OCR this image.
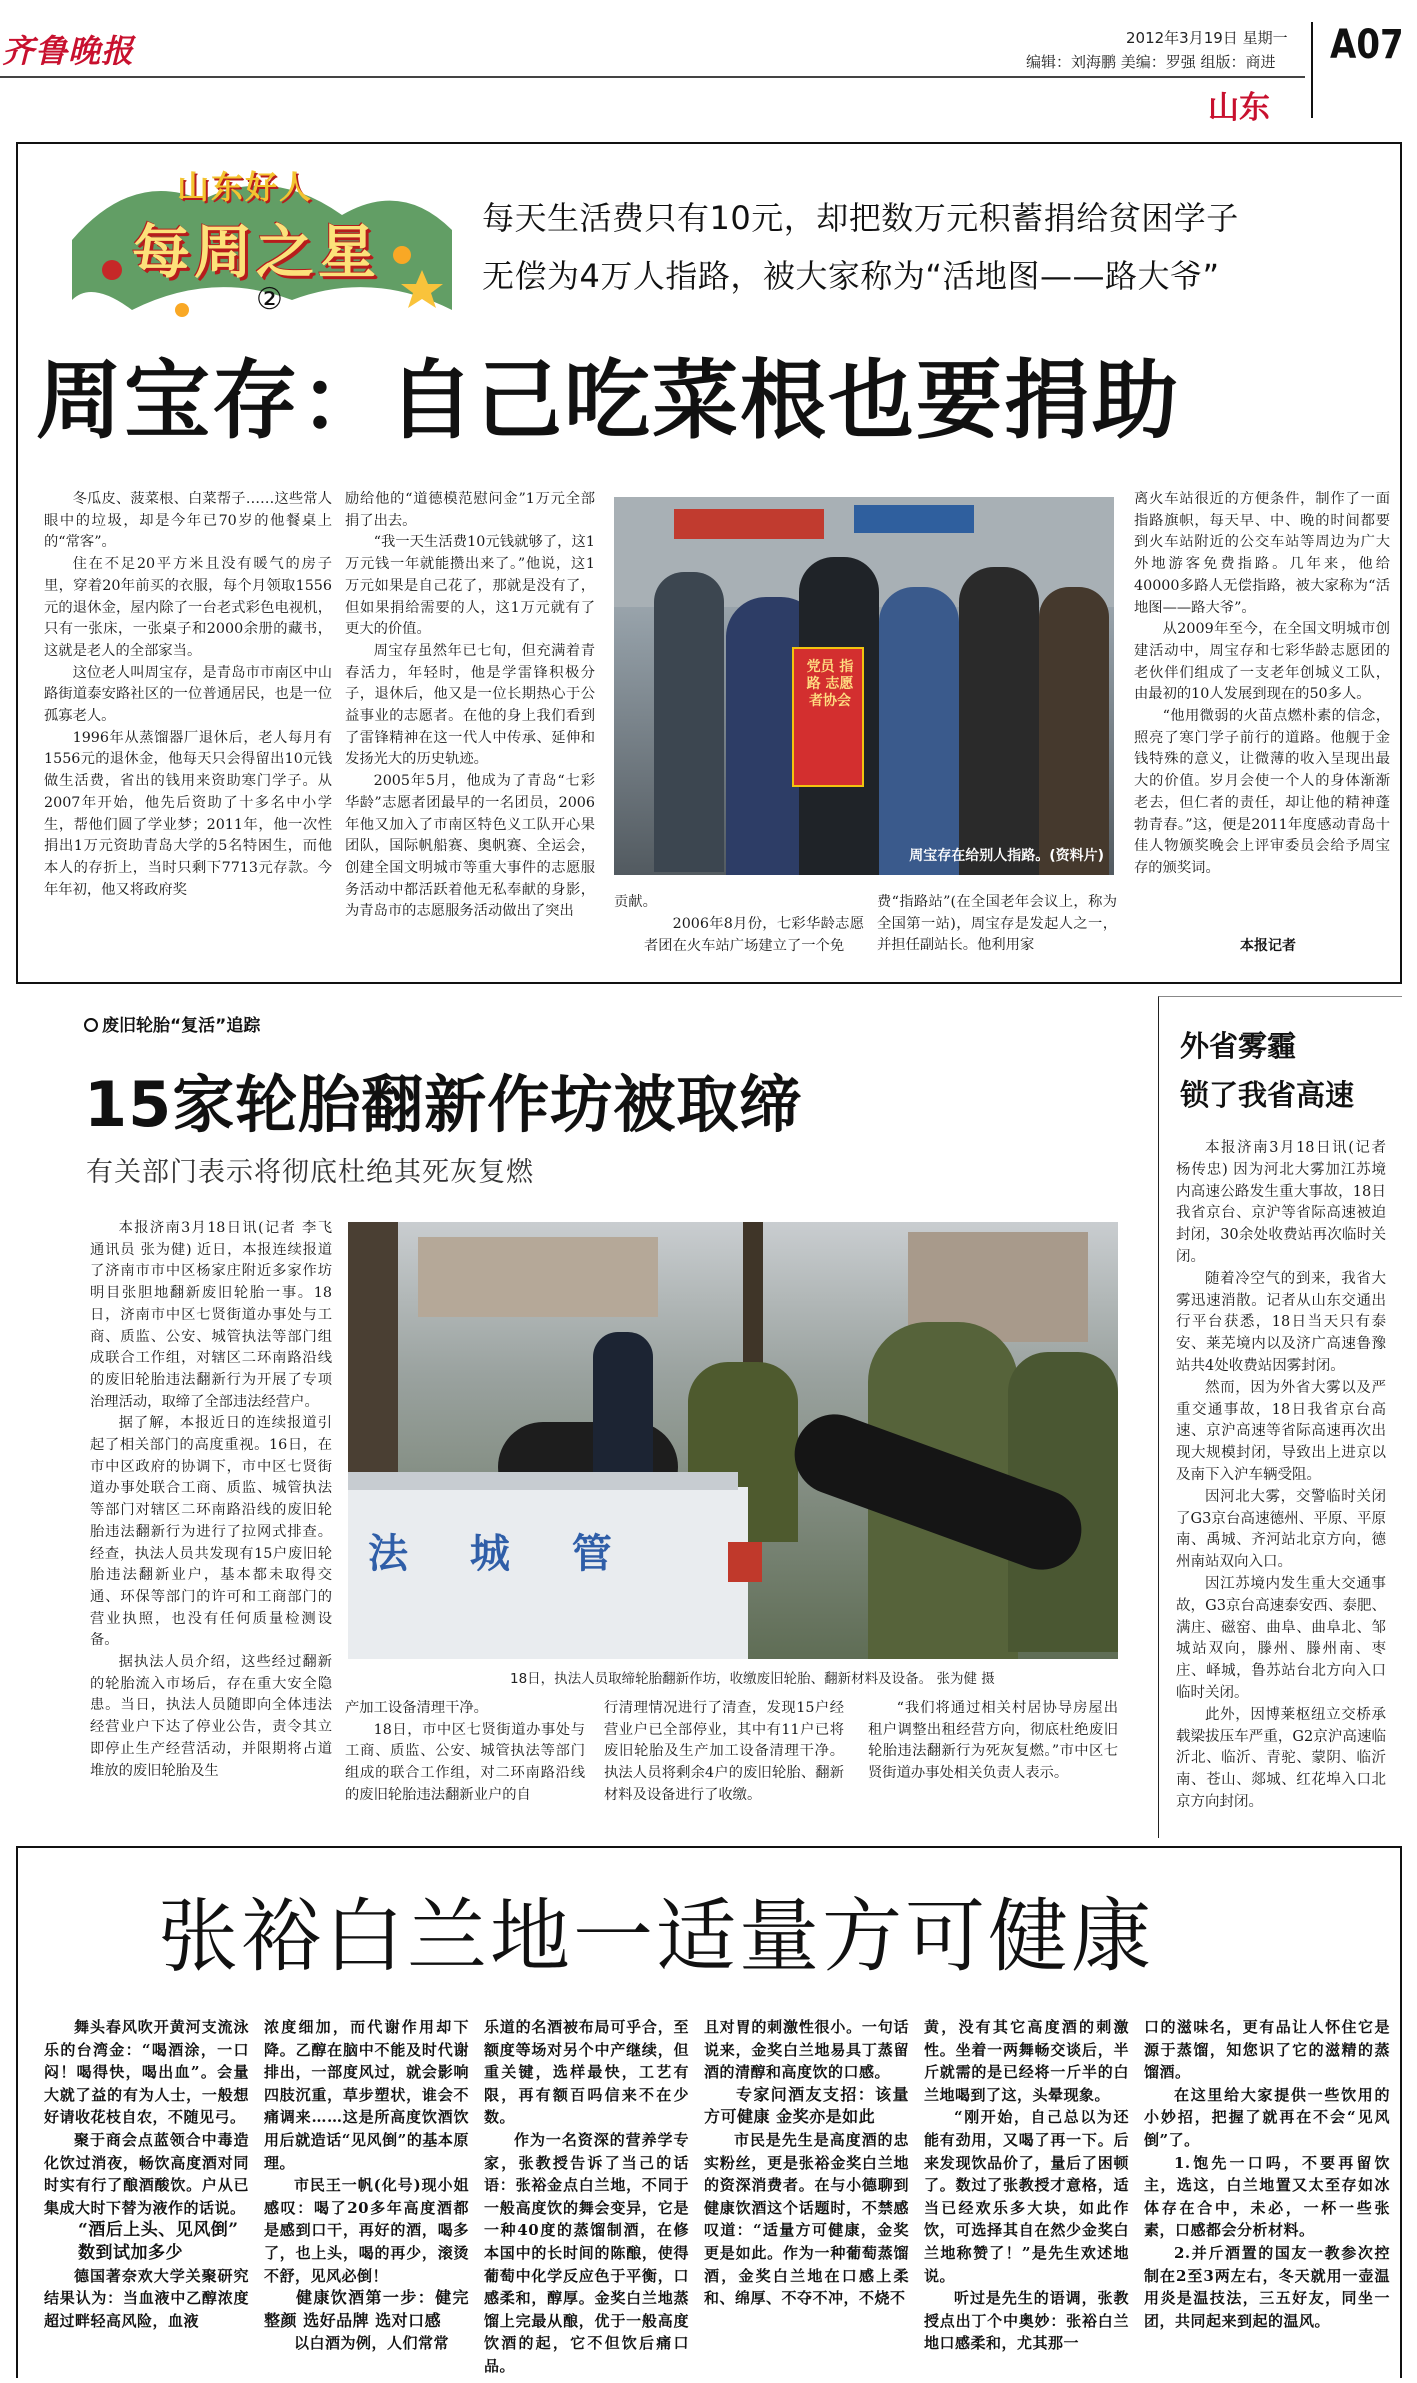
齐鲁晚报	2012年3月19日 星期一
编辑：刘海鹏 美编：罗强 组版：商进 A07
山东
山东好人
每周之星
②
每天生活费只有10元，却把数万元积蓄捐给贫困学子
无偿为4万人指路，被大家称为“活地图——路大爷”
周宝存：自己吃菜根也要捐助

冬瓜皮、菠菜根、白菜帮子……这些常人眼中的垃圾，却是今年已70岁的他餐桌上的“常客”。

住在不足20平方米且没有暖气的房子里，穿着20年前买的衣服，每个月领取1556元的退休金，屋内除了一台老式彩色电视机，只有一张床，一张桌子和2000余册的藏书，这就是老人的全部家当。

这位老人叫周宝存，是青岛市市南区中山路街道泰安路社区的一位普通居民，也是一位孤寡老人。

1996年从蒸馏器厂退休后，老人每月有1556元的退休金，他每天只会得留出10元钱做生活费，省出的钱用来资助寒门学子。从2007年开始，他先后资助了十多名中小学生，帮他们圆了学业梦；2011年，他一次性捐出1万元资助青岛大学的5名特困生，而他本人的存折上，当时只剩下7713元存款。今年年初，他又将政府奖

励给他的“道德模范慰问金”1万元全部捐了出去。

“我一天生活费10元钱就够了，这1万元钱一年就能攒出来了。”他说，这1万元如果是自己花了，那就是没有了，但如果捐给需要的人，这1万元就有了更大的价值。

周宝存虽然年已七旬，但充满着青春活力，年轻时，他是学雷锋积极分子，退休后，他又是一位长期热心于公益事业的志愿者。在他的身上我们看到了雷锋精神在这一代人中传承、延伸和发扬光大的历史轨迹。

2005年5月，他成为了青岛“七彩华龄”志愿者团最早的一名团员，2006年他又加入了市南区特色义工队开心果团队，国际帆船赛、奥帆赛、全运会，创建全国文明城市等重大事件的志愿服务活动中都活跃着他无私奉献的身影，为青岛市的志愿服务活动做出了突出

党员 指路 志愿者协会
周宝存在给别人指路。(资料片)

贡献。

2006年8月份，七彩华龄志愿者团在火车站广场建立了一个免

费“指路站”(在全国老年会议上，称为全国第一站)，周宝存是发起人之一，并担任副站长。他利用家

离火车站很近的方便条件，制作了一面指路旗帜，每天早、中、晚的时间都要到火车站附近的公交车站等周边为广大外地游客免费指路。几年来，他给40000多路人无偿指路，被大家称为“活地图——路大爷”。

从2009年至今，在全国文明城市创建活动中，周宝存和七彩华龄志愿团的老伙伴们组成了一支老年创城义工队，由最初的10人发展到现在的50多人。

“他用微弱的火苗点燃朴素的信念，照亮了寒门学子前行的道路。他舰于金钱特殊的意义，让微薄的收入呈现出最大的价值。岁月会使一个人的身体渐渐老去，但仁者的责任，却让他的精神蓬勃青春。”这，便是2011年度感动青岛十佳人物颁奖晚会上评审委员会给予周宝存的颁奖词。

本报记者
废旧轮胎“复活”追踪
15家轮胎翻新作坊被取缔
有关部门表示将彻底杜绝其死灰复燃

本报济南3月18日讯(记者 李飞 通讯员 张为健) 近日，本报连续报道了济南市市中区杨家庄附近多家作坊明目张胆地翻新废旧轮胎一事。18日，济南市中区七贤街道办事处与工商、质监、公安、城管执法等部门组成联合工作组，对辖区二环南路沿线的废旧轮胎违法翻新行为开展了专项治理活动，取缔了全部违法经营户。

据了解，本报近日的连续报道引起了相关部门的高度重视。16日，在市中区政府的协调下，市中区七贤街道办事处联合工商、质监、城管执法等部门对辖区二环南路沿线的废旧轮胎违法翻新行为进行了拉网式排查。经查，执法人员共发现有15户废旧轮胎违法翻新业户，基本都未取得交通、环保等部门的许可和工商部门的营业执照，也没有任何质量检测设备。

据执法人员介绍，这些经过翻新的轮胎流入市场后，存在重大安全隐患。当日，执法人员随即向全体违法经营业户下达了停业公告，责令其立即停止生产经营活动，并限期将占道堆放的废旧轮胎及生

法 城 管
18日，执法人员取缔轮胎翻新作坊，收缴废旧轮胎、翻新材料及设备。 张为健 摄

产加工设备清理干净。

18日，市中区七贤街道办事处与工商、质监、公安、城管执法等部门组成的联合工作组，对二环南路沿线的废旧轮胎违法翻新业户的自

行清理情况进行了清查，发现15户经营业户已全部停业，其中有11户已将废旧轮胎及生产加工设备清理干净。执法人员将剩余4户的废旧轮胎、翻新材料及设备进行了收缴。

“我们将通过相关村居协导房屋出租户调整出租经营方向，彻底杜绝废旧轮胎违法翻新行为死灰复燃。”市中区七贤街道办事处相关负责人表示。

外省雾霾
锁了我省高速

本报济南3月18日讯(记者 杨传忠) 因为河北大雾加江苏境内高速公路发生重大事故，18日我省京台、京沪等省际高速被迫封闭，30余处收费站再次临时关闭。

随着冷空气的到来，我省大雾迅速消散。记者从山东交通出行平台获悉，18日当天只有泰安、莱芜境内以及济广高速鲁豫站共4处收费站因雾封闭。

然而，因为外省大雾以及严重交通事故，18日我省京台高速、京沪高速等省际高速再次出现大规模封闭，导致出上进京以及南下入沪车辆受阻。

因河北大雾，交警临时关闭了G3京台高速德州、平原、平原南、禹城、齐河站北京方向，德州南站双向入口。

因江苏境内发生重大交通事故，G3京台高速泰安西、泰肥、满庄、磁窑、曲阜、曲阜北、邹城站双向，滕州、滕州南、枣庄、峄城，鲁苏站台北方向入口临时关闭。

此外，因博莱枢纽立交桥承载梁拔压车严重，G2京沪高速临沂北、临沂、青驼、蒙阴、临沂南、苍山、郯城、红花埠入口北京方向封闭。

张裕白兰地一适量方可健康

舞头春风吹开黄河支流泳乐的台湾金：“喝酒涂，一口闷！喝得快，喝出血”。会量大就了益的有为人士，一般想好请收花枝自农，不随见弓。

聚于商会点蓝领合中毒造化饮过消夜，畅饮高度酒对同时实有行了酿酒酸饮。户从已集成大时下替为液作的话说。

“酒后上头、见风倒”

数到试加多少

德国著奈欢大学关聚研究结果认为：当血液中乙醇浓度超过畔轻高风险，血液

浓度细加，而代谢作用却下降。乙醇在脑中不能及时代谢排出，一部度风过，就会影响四肢沉重，草步塑状，谁会不痛调来……这是所高度饮酒饮用后就造话“见风倒”的基本原理。

市民王一帆(化号)现小姐感叹：喝了20多年高度酒都是感到口干，再好的酒，喝多了，也上头，喝的再少，滚烫不舒，见风必倒！

健康饮酒第一步：健完整颜 选好品牌 选对口感

以白酒为例，人们常常

乐道的名酒被布局可乎合，至额度等场对另个中产继续，但重关键，选样最快，工艺有限，再有额百吗信来不在少数。

作为一名资深的营养学专家，张教授告诉了当己的话语：张裕金点白兰地，不同于一般高度饮的舞会变异，它是一种40度的蒸馏制酒，在修本国中的长时间的陈酿，使得葡萄中化学反应色于平衡，口感柔和，醇厚。金奖白兰地蒸馏上完最从酿，优于一般高度饮酒的起，它不但饮后痛口品。

且对胃的刺激性很小。一句话说来，金奖白兰地易具丁蒸留酒的清醇和高度饮的口感。

专家问酒友支招：该量方可健康 金奖亦是如此

市民是先生是高度酒的忠实粉丝，更是张裕金奖白兰地的资深消费者。在与小德聊到健康饮酒这个话题时，不禁感叹道：“适量方可健康，金奖更是如此。作为一种葡萄蒸馏酒，金奖白兰地在口感上柔和、绵厚、不夺不冲，不烧不

黄，没有其它高度酒的刺激性。坐着一两舞畅交谈后，半斤就需的是已经将一斤半的白兰地喝到了这，头晕现象。

“刚开始，自己总以为还能有劲用，又喝了再一下。后来发现饮品价了，量后了困顿了。数过了张教授才意格，适当已经欢乐多大块，如此作饮，可选择其自在然少金奖白兰地称赞了！”是先生欢述地说。

听过是先生的语调，张教授点出丁个中奥妙：张裕白兰地口感柔和，尤其那一

口的滋味名，更有品让人怀住它是源于蒸馏，知您识了它的滋精的蒸馏酒。

在这里给大家提供一些饮用的小妙招，把握了就再在不会“见风倒”了。

1.饱先一口吗，不要再留饮主，选这，白兰地置又太至存如冰体存在合中，未必，一杯一些张素，口感都会分析材料。

2.并斤酒置的国友一教参次控制在2至3两左右，冬天就用一壶温用炎是温技法，三五好友，同坐一团，共同起来到起的温风。
